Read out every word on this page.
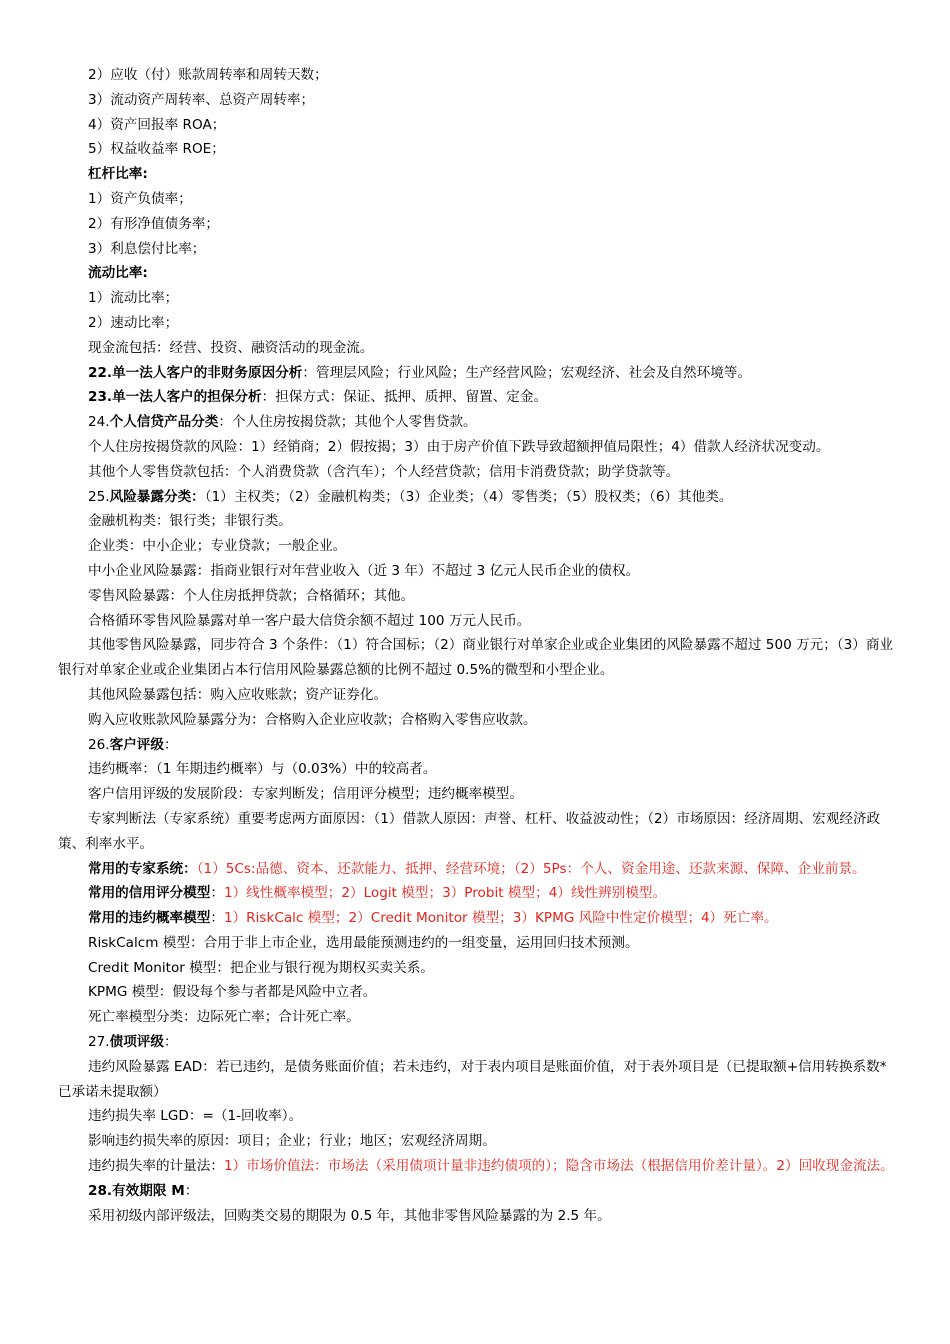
2）应收（付）账款周转率和周转天数；
3）流动资产周转率、总资产周转率；
4）资产回报率 ROA；
5）权益收益率 ROE；
杠杆比率:
1）资产负债率；
2）有形净值债务率；
3）利息偿付比率；
流动比率:
1）流动比率；
2）速动比率；
现金流包括：经营、投资、融资活动的现金流。
22.单一法人客户的非财务原因分析：管理层风险；行业风险；生产经营风险；宏观经济、社会及自然环境等。
23.单一法人客户的担保分析：担保方式：保证、抵押、质押、留置、定金。
24.个人信贷产品分类：个人住房按揭贷款；其他个人零售贷款。
个人住房按揭贷款的风险：1）经销商；2）假按揭；3）由于房产价值下跌导致超额押值局限性；4）借款人经济状况变动。
其他个人零售贷款包括：个人消费贷款（含汽车）；个人经营贷款；信用卡消费贷款；助学贷款等。
25.风险暴露分类：（1）主权类；（2）金融机构类；（3）企业类；（4）零售类；（5）股权类；（6）其他类。
金融机构类：银行类；非银行类。
企业类：中小企业；专业贷款；一般企业。
中小企业风险暴露：指商业银行对年营业收入（近 3 年）不超过 3 亿元人民币企业的债权。
零售风险暴露：个人住房抵押贷款；合格循环；其他。
合格循环零售风险暴露对单一客户最大信贷余额不超过 100 万元人民币。
其他零售风险暴露，同步符合 3 个条件：（1）符合国标；（2）商业银行对单家企业或企业集团的风险暴露不超过 500 万元；（3）商业银行对单家企业或企业集团占本行信用风险暴露总额的比例不超过 0.5%的微型和小型企业。
其他风险暴露包括：购入应收账款；资产证券化。
购入应收账款风险暴露分为：合格购入企业应收款；合格购入零售应收款。
26.客户评级：
违约概率：（1 年期违约概率）与（0.03%）中的较高者。
客户信用评级的发展阶段：专家判断发；信用评分模型；违约概率模型。
专家判断法（专家系统）重要考虑两方面原因：（1）借款人原因：声誉、杠杆、收益波动性；（2）市场原因：经济周期、宏观经济政策、利率水平。
常用的专家系统：（1）5Cs:品德、资本、还款能力、抵押、经营环境；（2）5Ps：个人、资金用途、还款来源、保障、企业前景。
常用的信用评分模型：1）线性概率模型；2）Logit 模型；3）Probit 模型；4）线性辨别模型。
常用的违约概率模型：1）RiskCalc 模型；2）Credit Monitor 模型；3）KPMG 风险中性定价模型；4）死亡率。
RiskCalcm 模型：合用于非上市企业，选用最能预测违约的一组变量，运用回归技术预测。
Credit Monitor 模型：把企业与银行视为期权买卖关系。
KPMG 模型：假设每个参与者都是风险中立者。
死亡率模型分类：边际死亡率；合计死亡率。
27.债项评级：
违约风险暴露 EAD：若已违约，是债务账面价值；若未违约，对于表内项目是账面价值，对于表外项目是（已提取额+信用转换系数*已承诺未提取额）
违约损失率 LGD：=（1-回收率）。
影响违约损失率的原因：项目；企业；行业；地区；宏观经济周期。
违约损失率的计量法：1）市场价值法：市场法（采用债项计量非违约债项的）；隐含市场法（根据信用价差计量）。2）回收现金流法。
28.有效期限 M：
采用初级内部评级法，回购类交易的期限为 0.5 年，其他非零售风险暴露的为 2.5 年。
